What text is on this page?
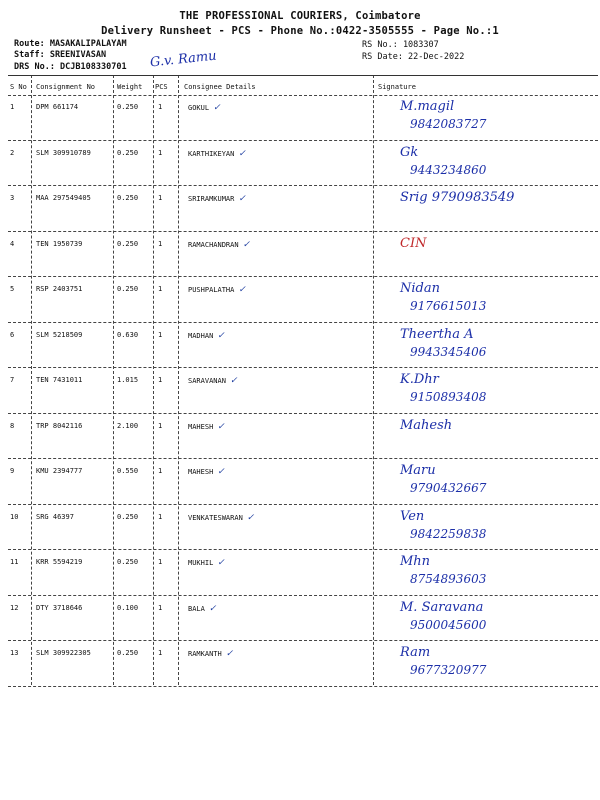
THE PROFESSIONAL COURIERS, Coimbatore
Delivery Runsheet - PCS - Phone No.:0422-3505555 - Page No.:1
Route: MASAKALIPALAYAM
Staff: SREENIVASAN
DRS No.: DCJB108330701
RS No.: 1083307
RS Date: 22-Dec-2022
G.v. Ramu
S No Consignment No	Weight PCS Consignee Details	Signature
1	DPM 661174	0.250	1	GOKUL ✓	M.magil
9842083727
2	SLM 309910789	0.250	1	KARTHIKEYAN ✓	Gk
9443234860
3	MAA 297549405	0.250	1	SRIRAMKUMAR ✓	Srig 9790983549
4	TEN 1950739	0.250	1	RAMACHANDRAN ✓	CIN
5	RSP 2403751	0.250	1	PUSHPALATHA ✓	Nidan
9176615013
6	SLM 5218509	0.630	1	MADHAN ✓	Theertha A
9943345406
7	TEN 7431011	1.015	1	SARAVANAN ✓	K.Dhr
9150893408
8	TRP 8042116	2.100	1	MAHESH ✓	Mahesh
9	KMU 2394777	0.550	1	MAHESH ✓	Maru
9790432667
10	SRG 46397	0.250	1	VENKATESWARAN ✓	Ven
9842259838
11	KRR 5594219	0.250	1	MUKHIL ✓	Mhn
8754893603
12	DTY 3718646	0.100	1	BALA ✓	M. Saravana
9500045600
13	SLM 309922305	0.250	1	RAMKANTH ✓	Ram
9677320977
